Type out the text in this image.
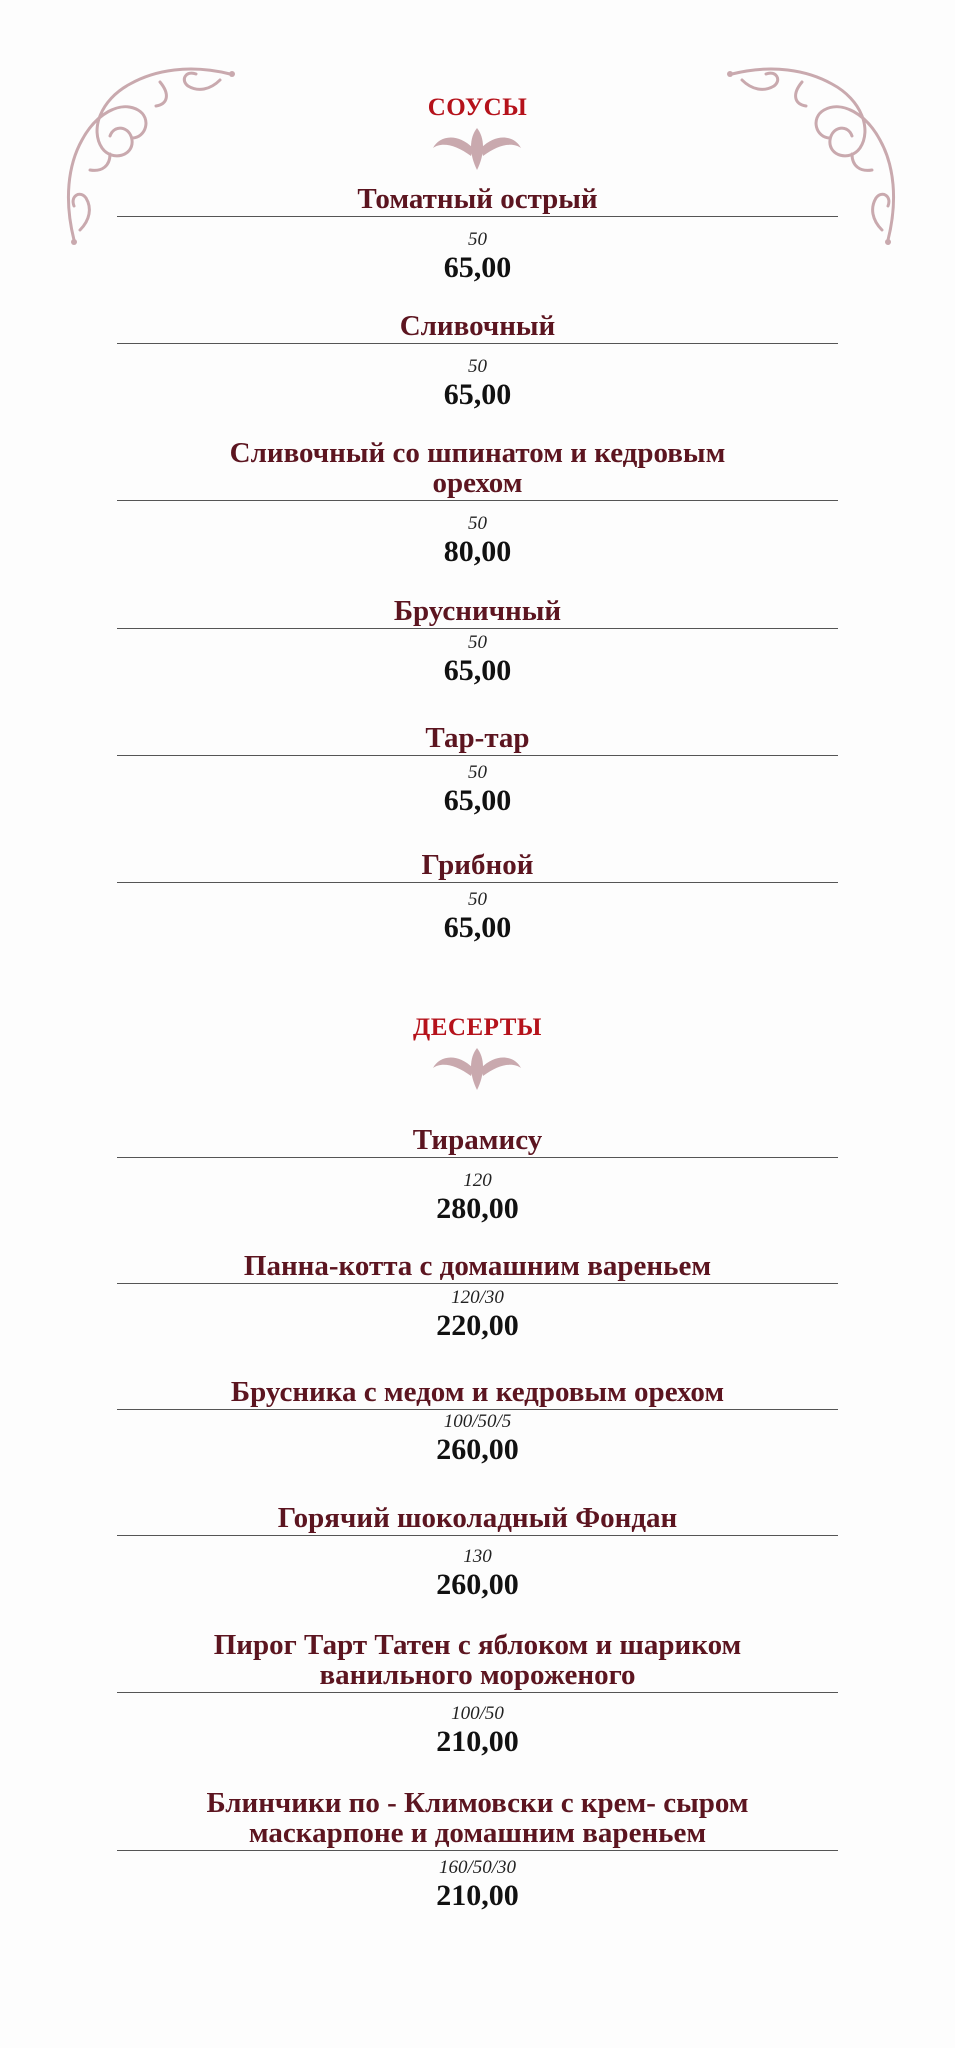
СОУСЫ
Томатный острый
50
65,00
Сливочный
50
65,00
Сливочный со шпинатом и кедровым орехом
50
80,00
Брусничный
50
65,00
Тар-тар
50
65,00
Грибной
50
65,00
ДЕСЕРТЫ
Тирамису
120
280,00
Панна-котта с домашним вареньем
120/30
220,00
Брусника с медом и кедровым орехом
100/50/5
260,00
Горячий шоколадный Фондан
130
260,00
Пирог Тарт Татен с яблоком и шариком ванильного мороженого
100/50
210,00
Блинчики по - Климовски с крем- сыром маскарпоне и домашним вареньем
160/50/30
210,00
